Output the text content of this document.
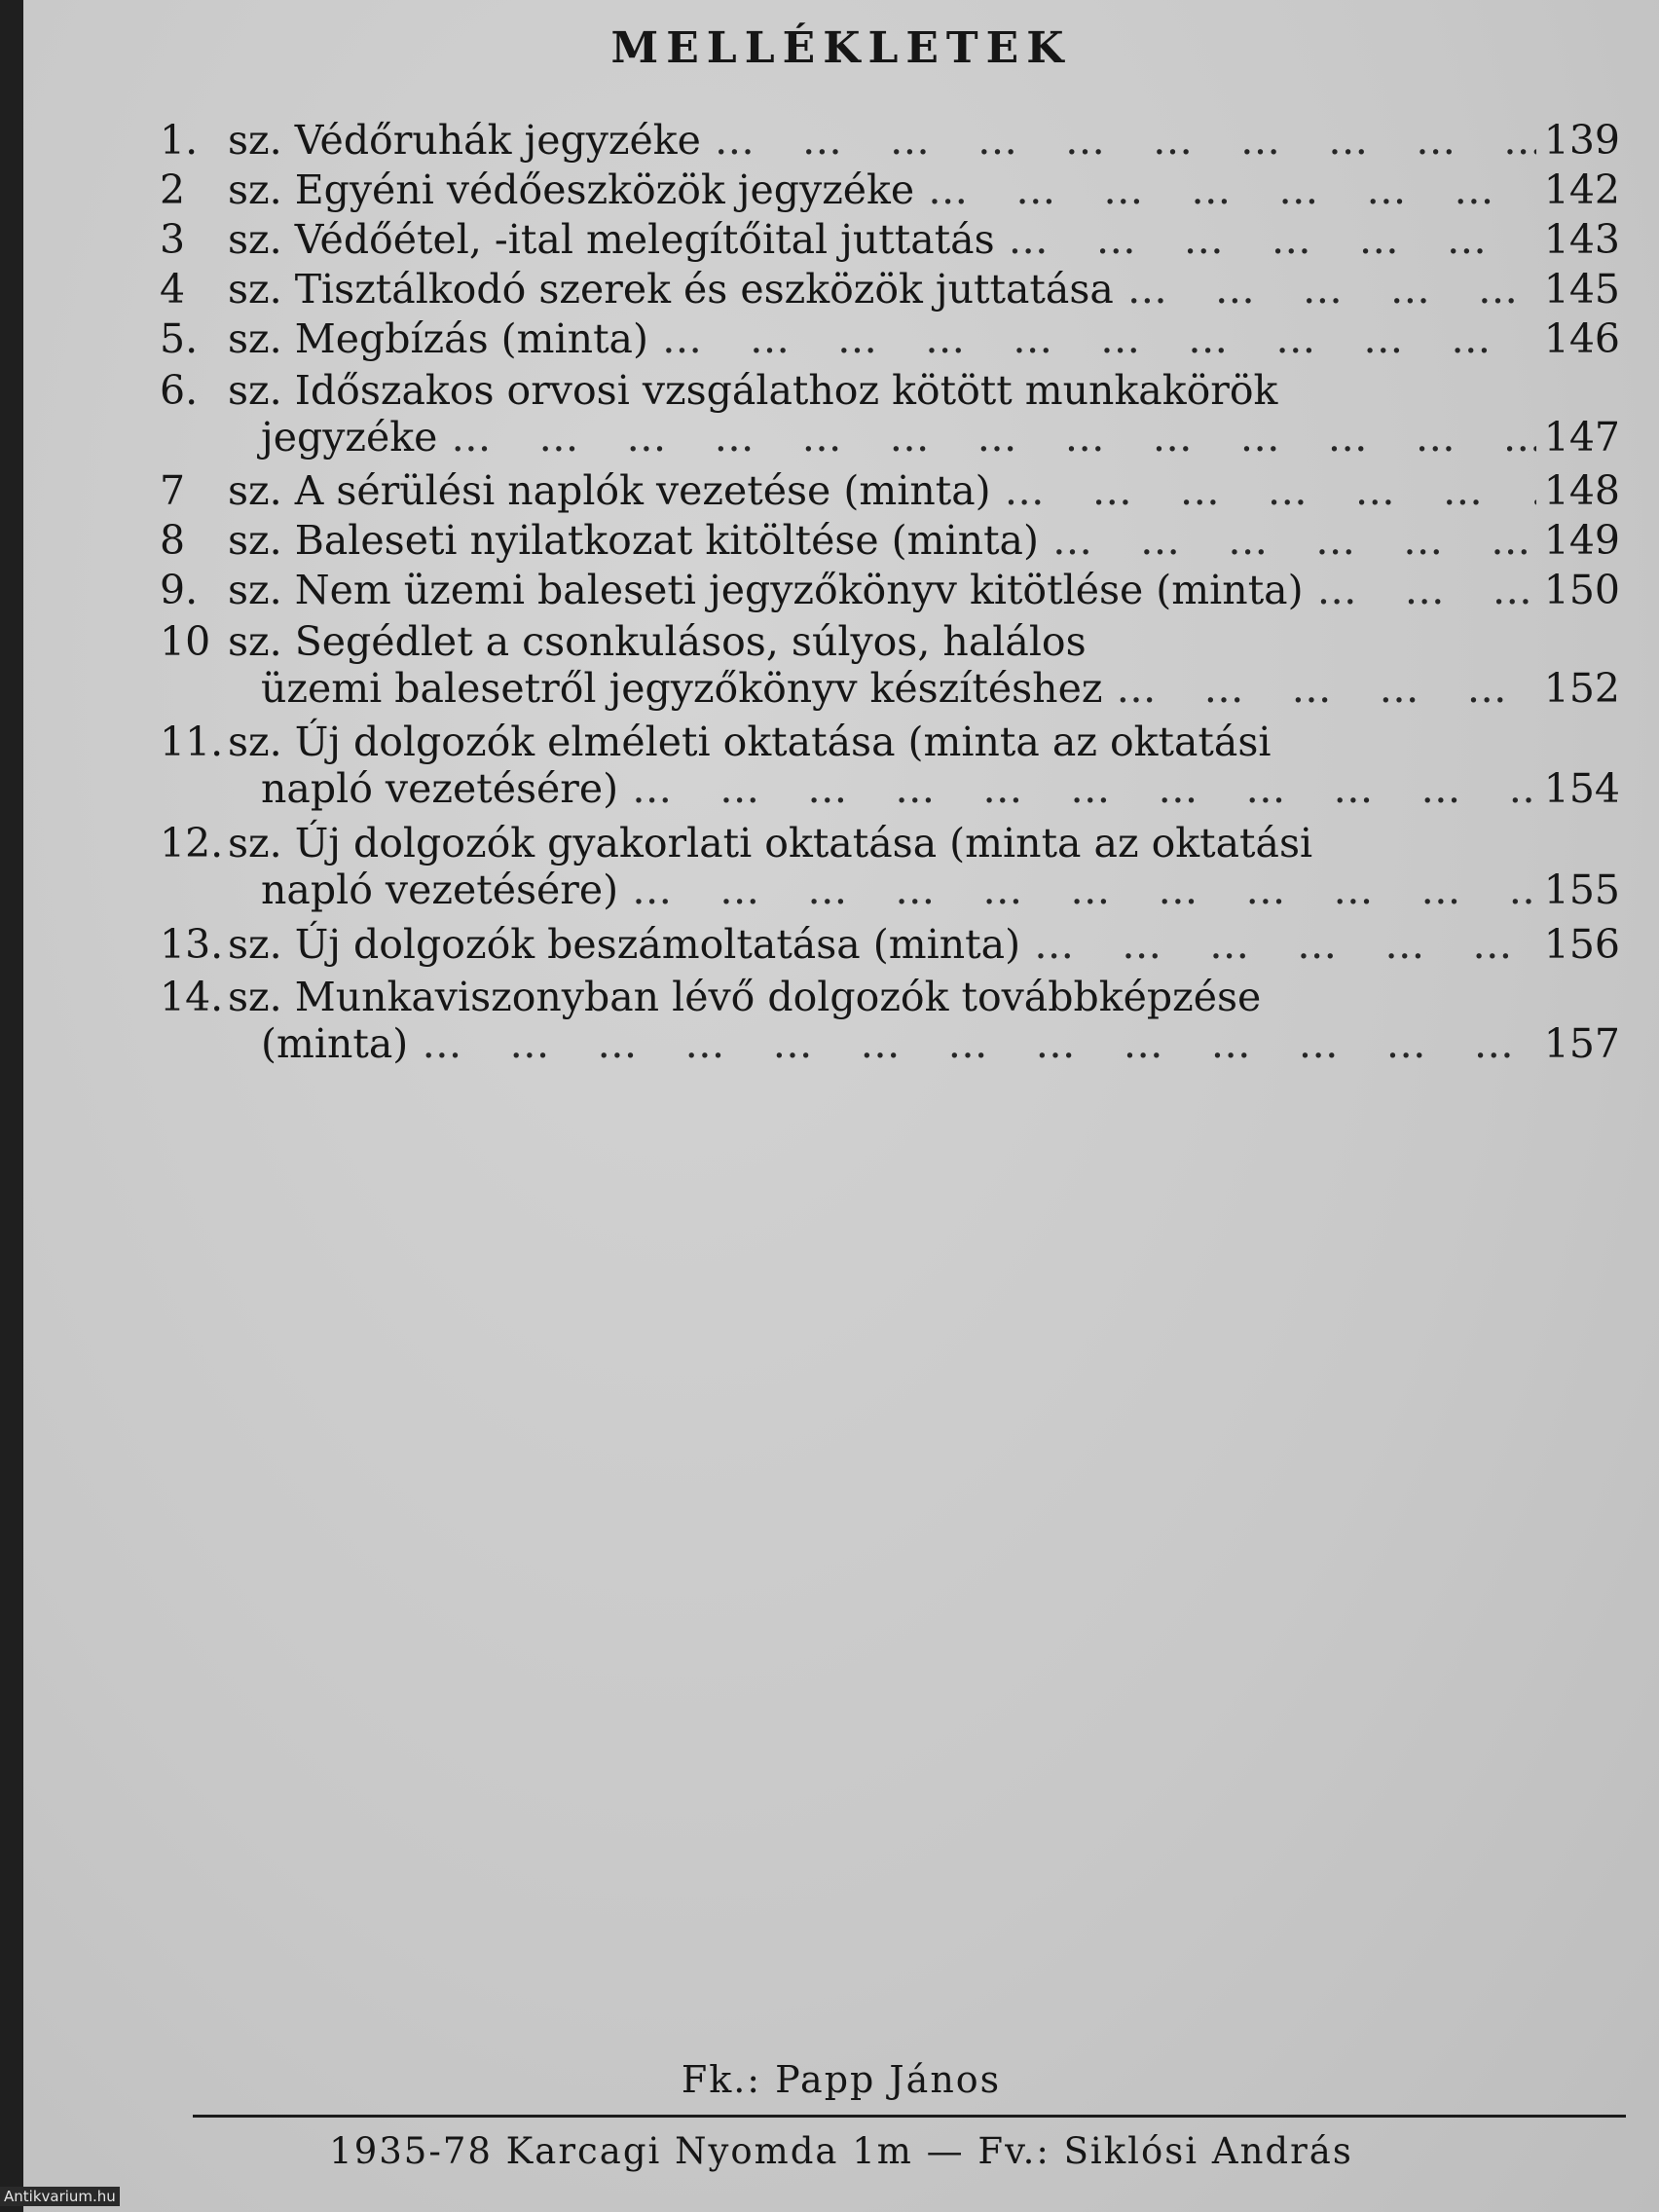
MELLÉKLETEK
1. sz. Védőruhák jegyzéke … … … … … … … … … … … … … … … … … … … … … … … … … … … …	139
2	sz. Egyéni védőeszközök jegyzéke … … … … … … … … … … … … … … … … … … … … … … … … … … … …	142
3	sz. Védőétel, -ital melegítőital juttatás … … … … … … … … … … … … … … … … … … … … … … … … … … … …	143
4	sz. Tisztálkodó szerek és eszközök juttatása … … … … … … … … … … … … … … … … … … … … … … … … … … … …	145
5. sz. Megbízás (minta) … … … … … … … … … … … … … … … … … … … … … … … … … … … …	146
6. sz. Időszakos orvosi vzsgálathoz kötött munkakörök
jegyzéke … … … … … … … … … … … … … … … … … … … … … … … … … … … …	147
7	sz. A sérülési naplók vezetése (minta) … … … … … … … … … … … … … … … … … … … … … … … … … … … …	148
8	sz. Baleseti nyilatkozat kitöltése (minta) … … … … … … … … … … … … … … … … … … … … … … … … … … … …	149
9. sz. Nem üzemi baleseti jegyzőkönyv kitötlése (minta) … … … … … … … … … … … … … … … … … … … … … … … … … … … …	150
10 sz. Segédlet a csonkulásos, súlyos, halálos
üzemi balesetről jegyzőkönyv készítéshez … … … … … … … … … … … … … … … … … … … … … … … … … … … …	152
11. sz. Új dolgozók elméleti oktatása (minta az oktatási
napló vezetésére) … … … … … … … … … … … … … … … … … … … … … … … … … … … …	154
12. sz. Új dolgozók gyakorlati oktatása (minta az oktatási
napló vezetésére) … … … … … … … … … … … … … … … … … … … … … … … … … … … …	155
13. sz. Új dolgozók beszámoltatása (minta) … … … … … … … … … … … … … … … … … … … … … … … … … … … …	156
14. sz. Munkaviszonyban lévő dolgozók továbbképzése
(minta) … … … … … … … … … … … … … … … … … … … … … … … … … … … …	157
Fk.: Papp János
1935-78 Karcagi Nyomda 1m — Fv.: Siklósi András
Antikvarium.hu
